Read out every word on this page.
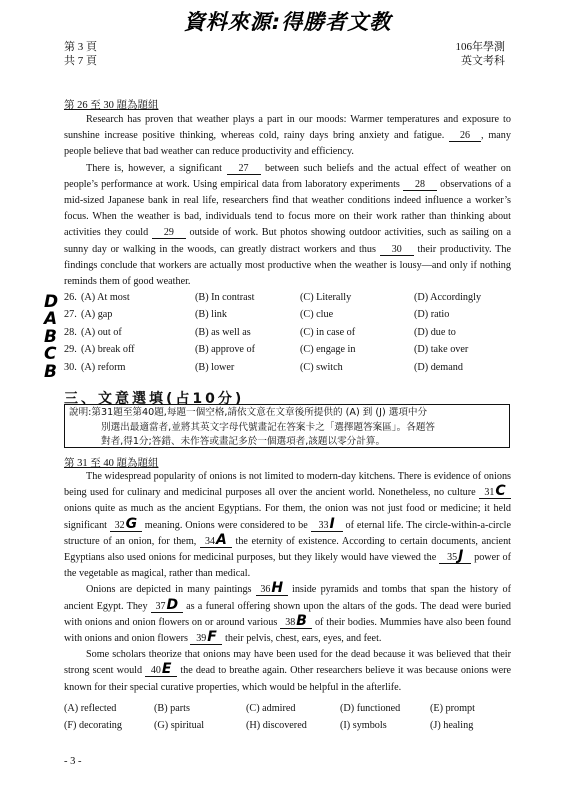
資料來源:得勝者文教
第 3 頁
共 7 頁
106年學測
英文考科
第 26 至 30 題為題組

Research has proven that weather plays a part in our moods: Warmer temperatures and exposure to sunshine increase positive thinking, whereas cold, rainy days bring anxiety and fatigue. 26 , many people believe that bad weather can reduce productivity and efficiency.

There is, however, a significant 27 between such beliefs and the actual effect of weather on people’s performance at work. Using empirical data from laboratory experiments 28 observations of a mid-sized Japanese bank in real life, researchers find that weather conditions indeed influence a worker’s focus. When the weather is bad, individuals tend to focus more on their work rather than thinking about activities they could 29 outside of work. But photos showing outdoor activities, such as sailing on a sunny day or walking in the woods, can greatly distract workers and thus 30 their productivity. The findings conclude that workers are actually most productive when the weather is lousy—and only if nothing reminds them of good weather.

D 26. (A) At most	(B) In contrast	(C) Literally	(D) Accordingly
A 27. (A) gap	(B) link	(C) clue	(D) ratio
B 28. (A) out of	(B) as well as	(C) in case of	(D) due to
C 29. (A) break off	(B) approve of	(C) engage in	(D) take over
B 30. (A) reform	(B) lower	(C) switch	(D) demand
三、文意選填(占10分)
說明:第31題至第40題,每題一個空格,請依文意在文章後所提供的 (A) 到 (J) 選項中分
別選出最適當者,並將其英文字母代號畫記在答案卡之「選擇題答案區」。各題答
對者,得1分;答錯、未作答或畫記多於一個選項者,該題以零分計算。
第 31 至 40 題為題組

The widespread popularity of onions is not limited to modern-day kitchens. There is evidence of onions being used for culinary and medicinal purposes all over the ancient world. Nonetheless, no culture 31C onions quite as much as the ancient Egyptians. For them, the onion was not just food or medicine; it held significant 32G meaning. Onions were considered to be 33I of eternal life. The circle-within-a-circle structure of an onion, for them, 34A the eternity of existence. According to certain documents, ancient Egyptians also used onions for medicinal purposes, but they likely would have viewed the 35J power of the vegetable as magical, rather than medical.

Onions are depicted in many paintings 36H inside pyramids and tombs that span the history of ancient Egypt. They 37D as a funeral offering shown upon the altars of the gods. The dead were buried with onions and onion flowers on or around various 38B of their bodies. Mummies have also been found with onions and onion flowers 39F their pelvis, chest, ears, eyes, and feet.

Some scholars theorize that onions may have been used for the dead because it was believed that their strong scent would 40E the dead to breathe again. Other researchers believe it was because onions were known for their special curative properties, which would be helpful in the afterlife.

(A) reflected	(B) parts	(C) admired	(D) functioned	(E) prompt
(F) decorating	(G) spiritual	(H) discovered	(I) symbols	(J) healing
- 3 -
